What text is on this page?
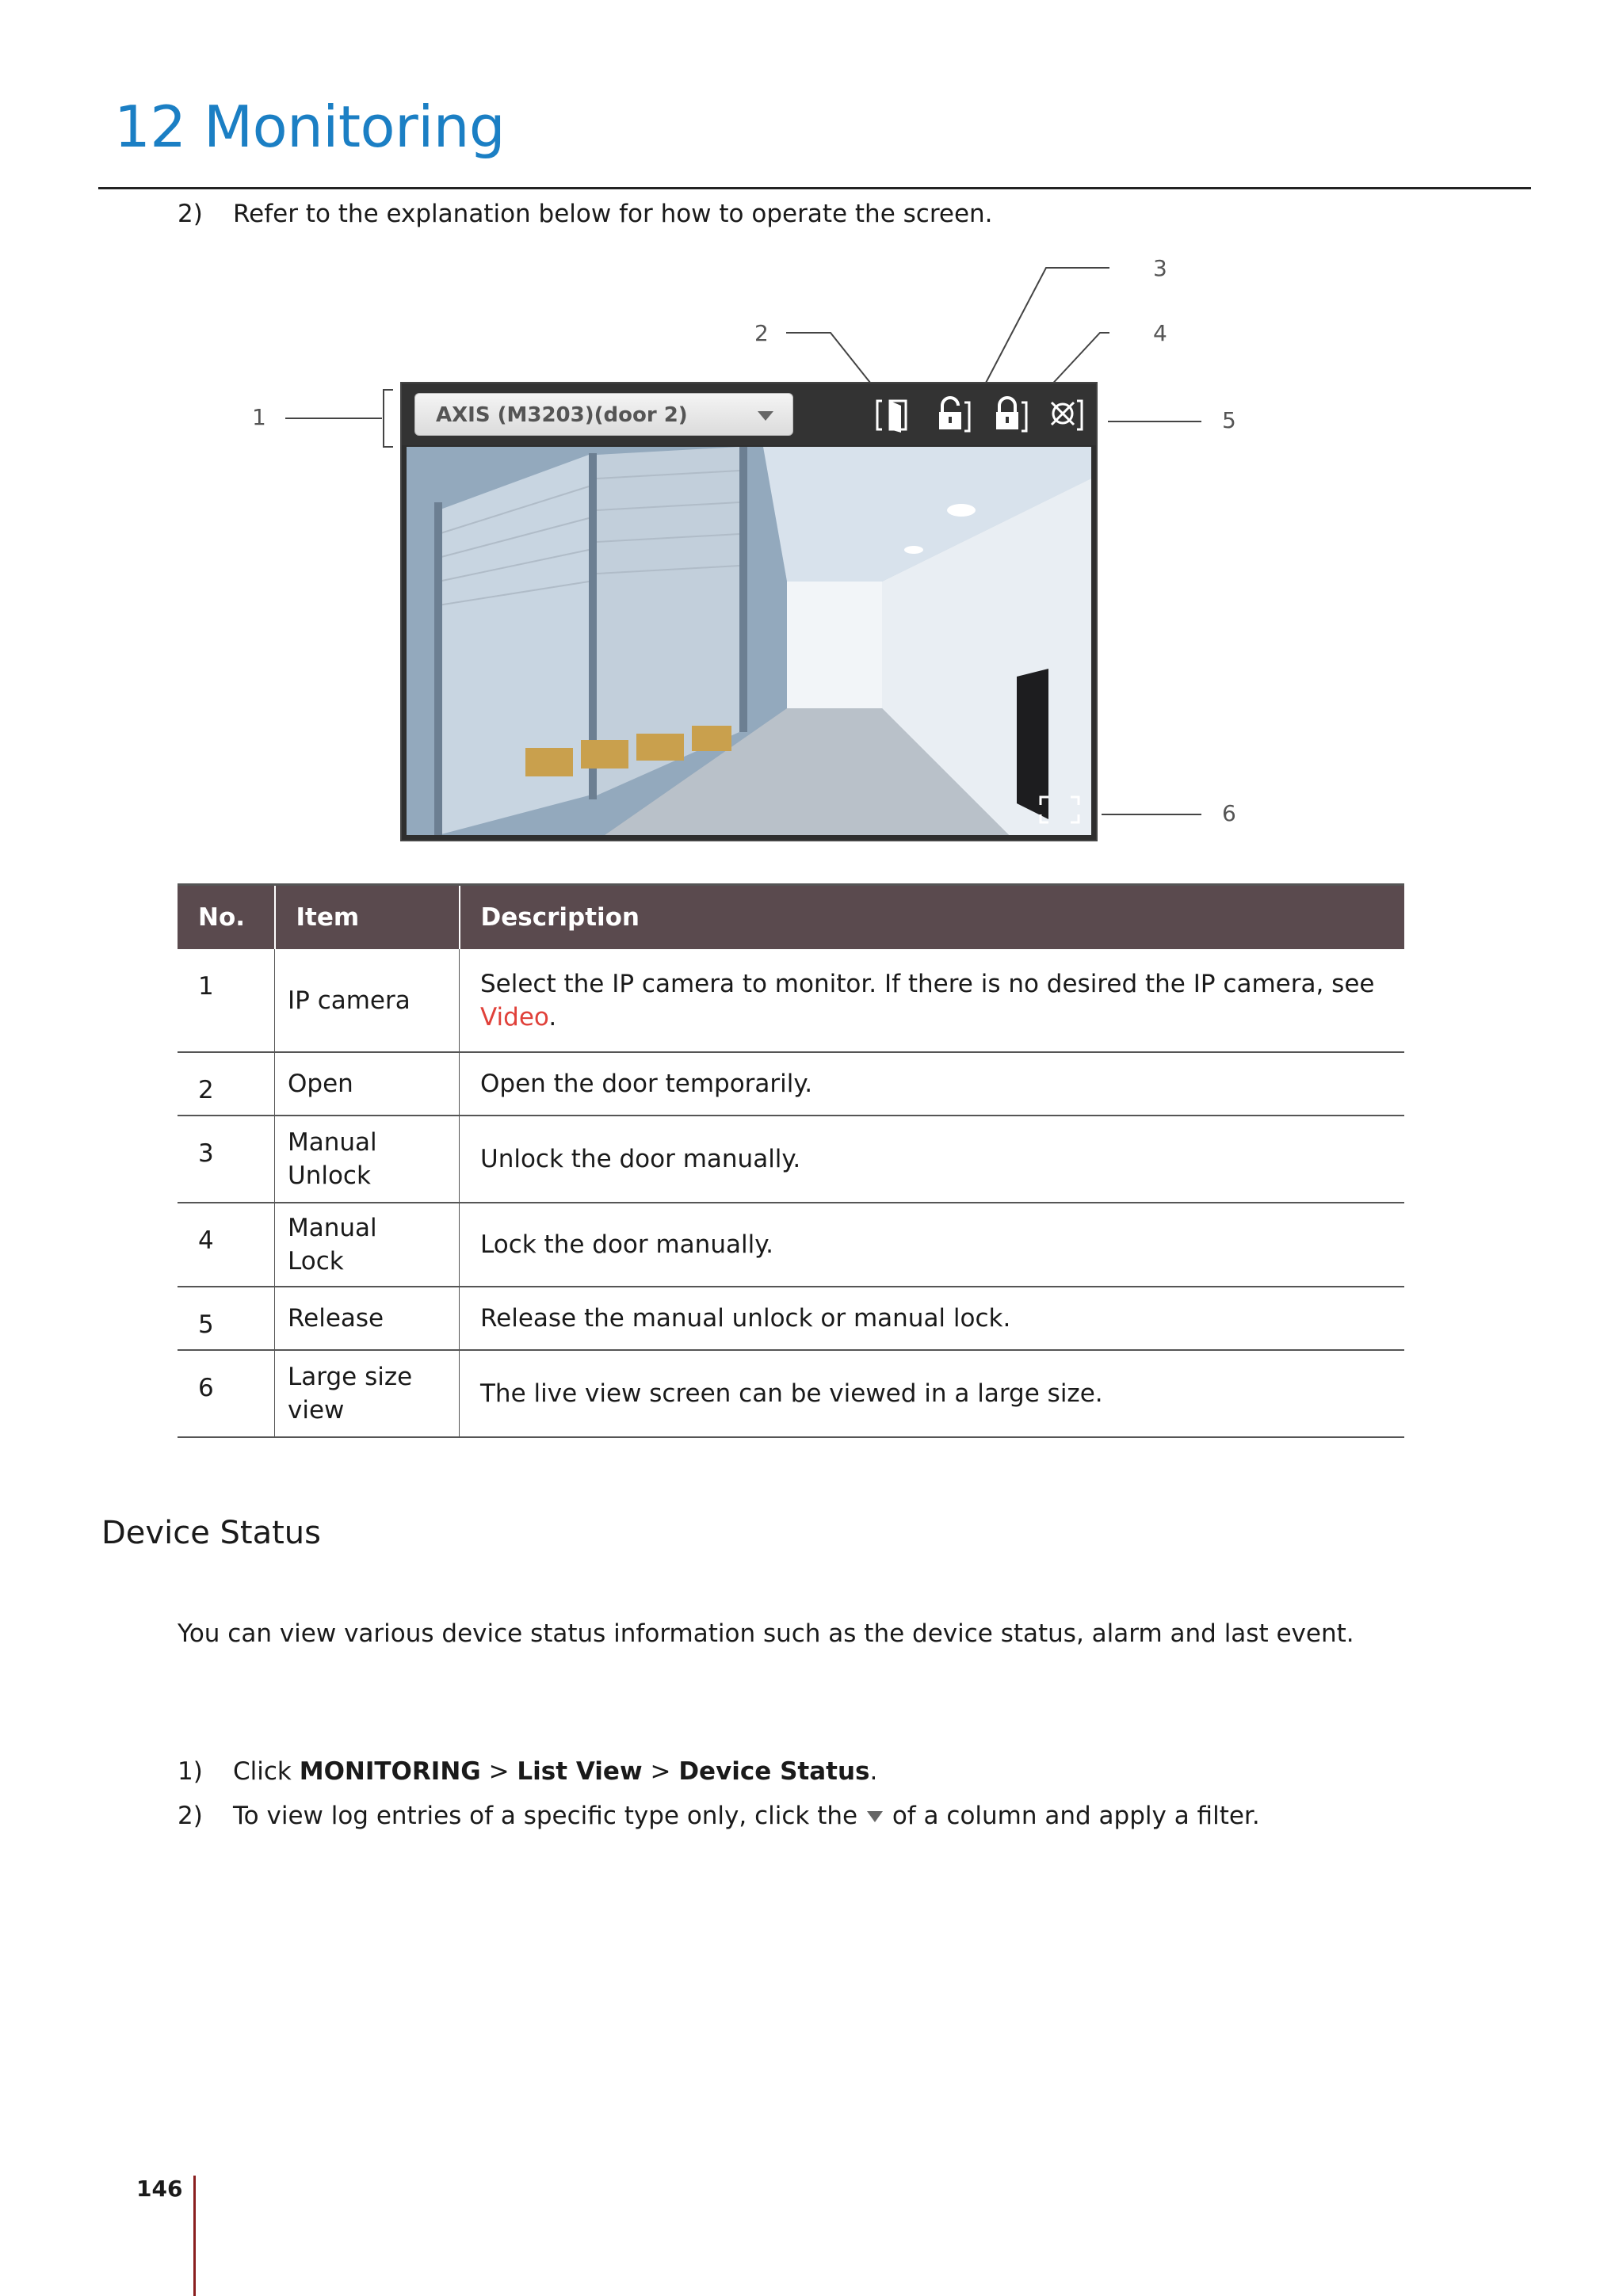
12 Monitoring
2) Refer to the explanation below for how to operate the screen.
1
2
3
4
5
6
AXIS (M3203)(door 2)
No.	Item	Description
1	IP camera	Select the IP camera to monitor. If there is no desired the IP camera, see
Video.
2	Open	Open the door temporarily.
3	Manual Unlock	Unlock the door manually.
4	Manual Lock	Lock the door manually.
5	Release	Release the manual unlock or manual lock.
6	Large size view	The live view screen can be viewed in a large size.
Device Status
You can view various device status information such as the device status, alarm and last event.
1) Click MONITORING > List View > Device Status.
2) To view log entries of a specific type only, click the of a column and apply a filter.
146
